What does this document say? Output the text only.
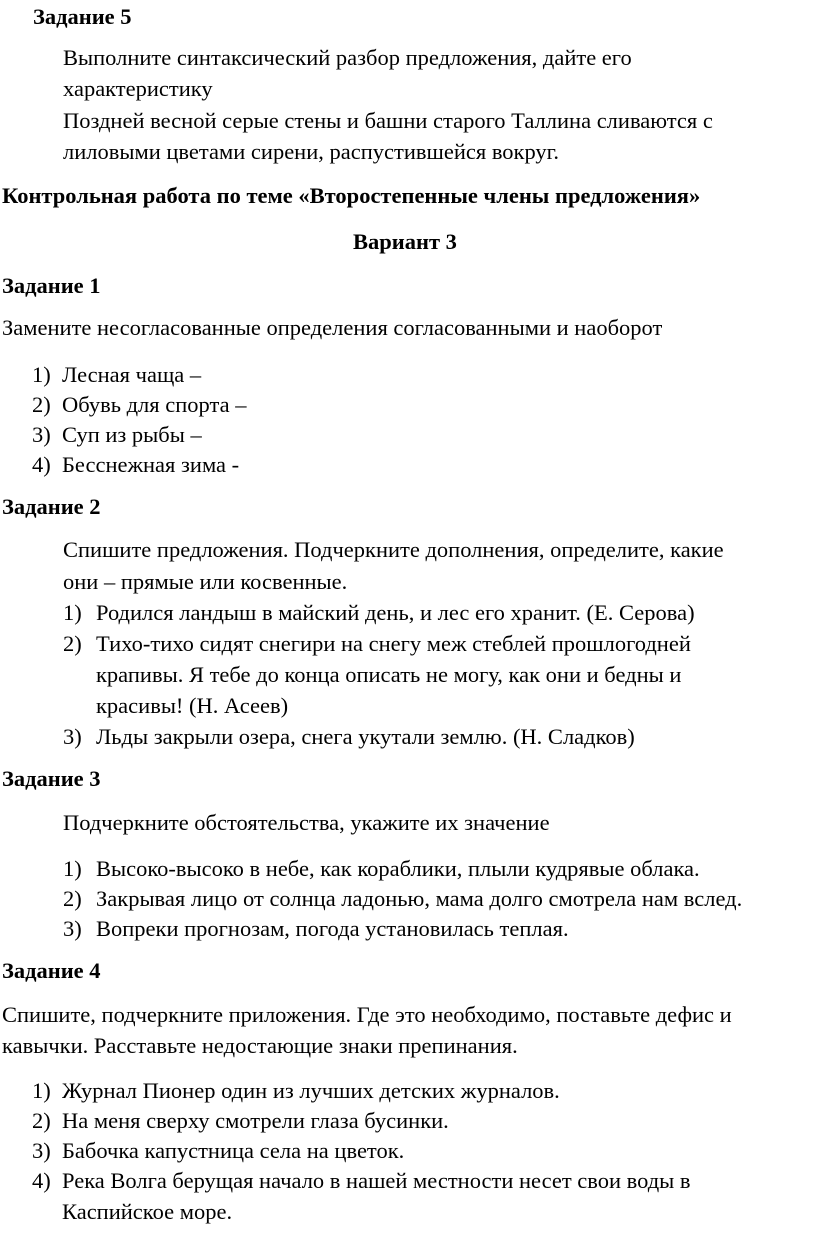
Задание 5
Выполните синтаксический разбор предложения, дайте его
характеристику
Поздней весной серые стены и башни старого Таллина сливаются с
лиловыми цветами сирени, распустившейся вокруг.
Контрольная работа по теме «Второстепенные члены предложения»
Вариант 3
Задание 1
Замените несогласованные определения согласованными и наоборот
1) Лесная чаща –
2) Обувь для спорта –
3) Суп из рыбы –
4) Бесснежная зима -
Задание 2
Спишите предложения. Подчеркните дополнения, определите, какие
они – прямые или косвенные.
1) Родился ландыш в майский день, и лес его хранит. (Е. Серова)
2) Тихо-тихо сидят снегири на снегу меж стеблей прошлогодней
крапивы. Я тебе до конца описать не могу, как они и бедны и
красивы! (Н. Асеев)
3) Льды закрыли озера, снега укутали землю. (Н. Сладков)
Задание 3
Подчеркните обстоятельства, укажите их значение
1) Высоко-высоко в небе, как кораблики, плыли кудрявые облака.
2) Закрывая лицо от солнца ладонью, мама долго смотрела нам вслед.
3) Вопреки прогнозам, погода установилась теплая.
Задание 4
Спишите, подчеркните приложения. Где это необходимо, поставьте дефис и
кавычки. Расставьте недостающие знаки препинания.
1) Журнал Пионер один из лучших детских журналов.
2) На меня сверху смотрели глаза бусинки.
3) Бабочка капустница села на цветок.
4) Река Волга берущая начало в нашей местности несет свои воды в
Каспийское море.
